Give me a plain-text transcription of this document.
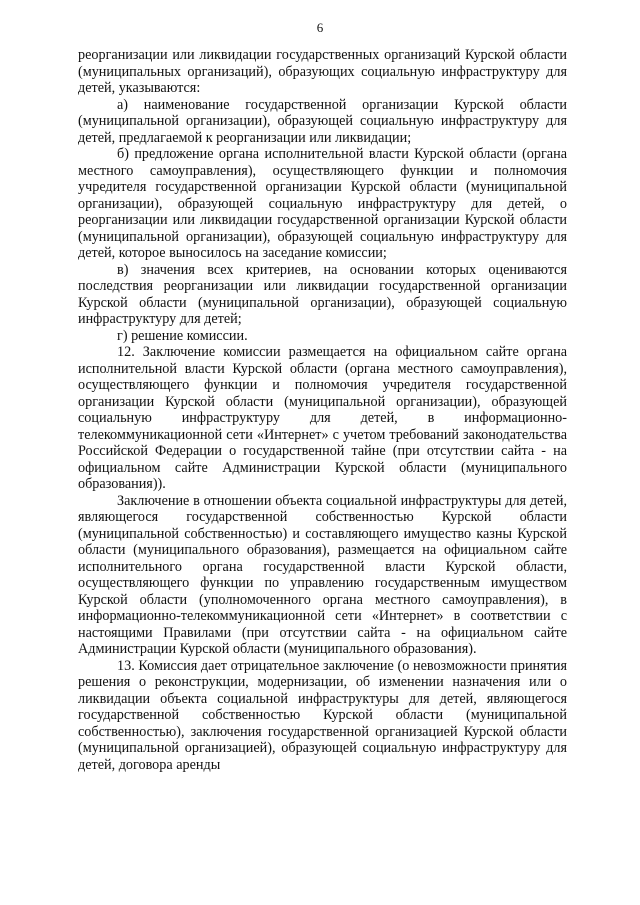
6

реорганизации или ликвидации государственных организаций Курской области (муниципальных организаций), образующих социальную инфраструктуру для детей, указываются:

а) наименование государственной организации Курской области (муниципальной организации), образующей социальную инфраструктуру для детей, предлагаемой к реорганизации или ликвидации;

б) предложение органа исполнительной власти Курской области (органа местного самоуправления), осуществляющего функции и полномочия учредителя государственной организации Курской области (муниципальной организации), образующей социальную инфраструктуру для детей, о реорганизации или ликвидации государственной организации Курской области (муниципальной организации), образующей социальную инфраструктуру для детей, которое выносилось на заседание комиссии;

в) значения всех критериев, на основании которых оцениваются последствия реорганизации или ликвидации государственной организации Курской области (муниципальной организации), образующей социальную инфраструктуру для детей;

г) решение комиссии.

12. Заключение комиссии размещается на официальном сайте органа исполнительной власти Курской области (органа местного самоуправления), осуществляющего функции и полномочия учредителя государственной организации Курской области (муниципальной организации), образующей социальную инфраструктуру для детей, в информационно-телекоммуникационной сети «Интернет» с учетом требований законодательства Российской Федерации о государственной тайне (при отсутствии сайта - на официальном сайте Администрации Курской области (муниципального образования)).

Заключение в отношении объекта социальной инфраструктуры для детей, являющегося государственной собственностью Курской области (муниципальной собственностью) и составляющего имущество казны Курской области (муниципального образования), размещается на официальном сайте исполнительного органа государственной власти Курской области, осуществляющего функции по управлению государственным имуществом Курской области (уполномоченного органа местного самоуправления), в информационно-телекоммуникационной сети «Интернет» в соответствии с настоящими Правилами (при отсутствии сайта - на официальном сайте Администрации Курской области (муниципального образования).

13. Комиссия дает отрицательное заключение (о невозможности принятия решения о реконструкции, модернизации, об изменении назначения или о ликвидации объекта социальной инфраструктуры для детей, являющегося государственной собственностью Курской области (муниципальной собственностью), заключения государственной организацией Курской области (муниципальной организацией), образующей социальную инфраструктуру для детей, договора аренды
